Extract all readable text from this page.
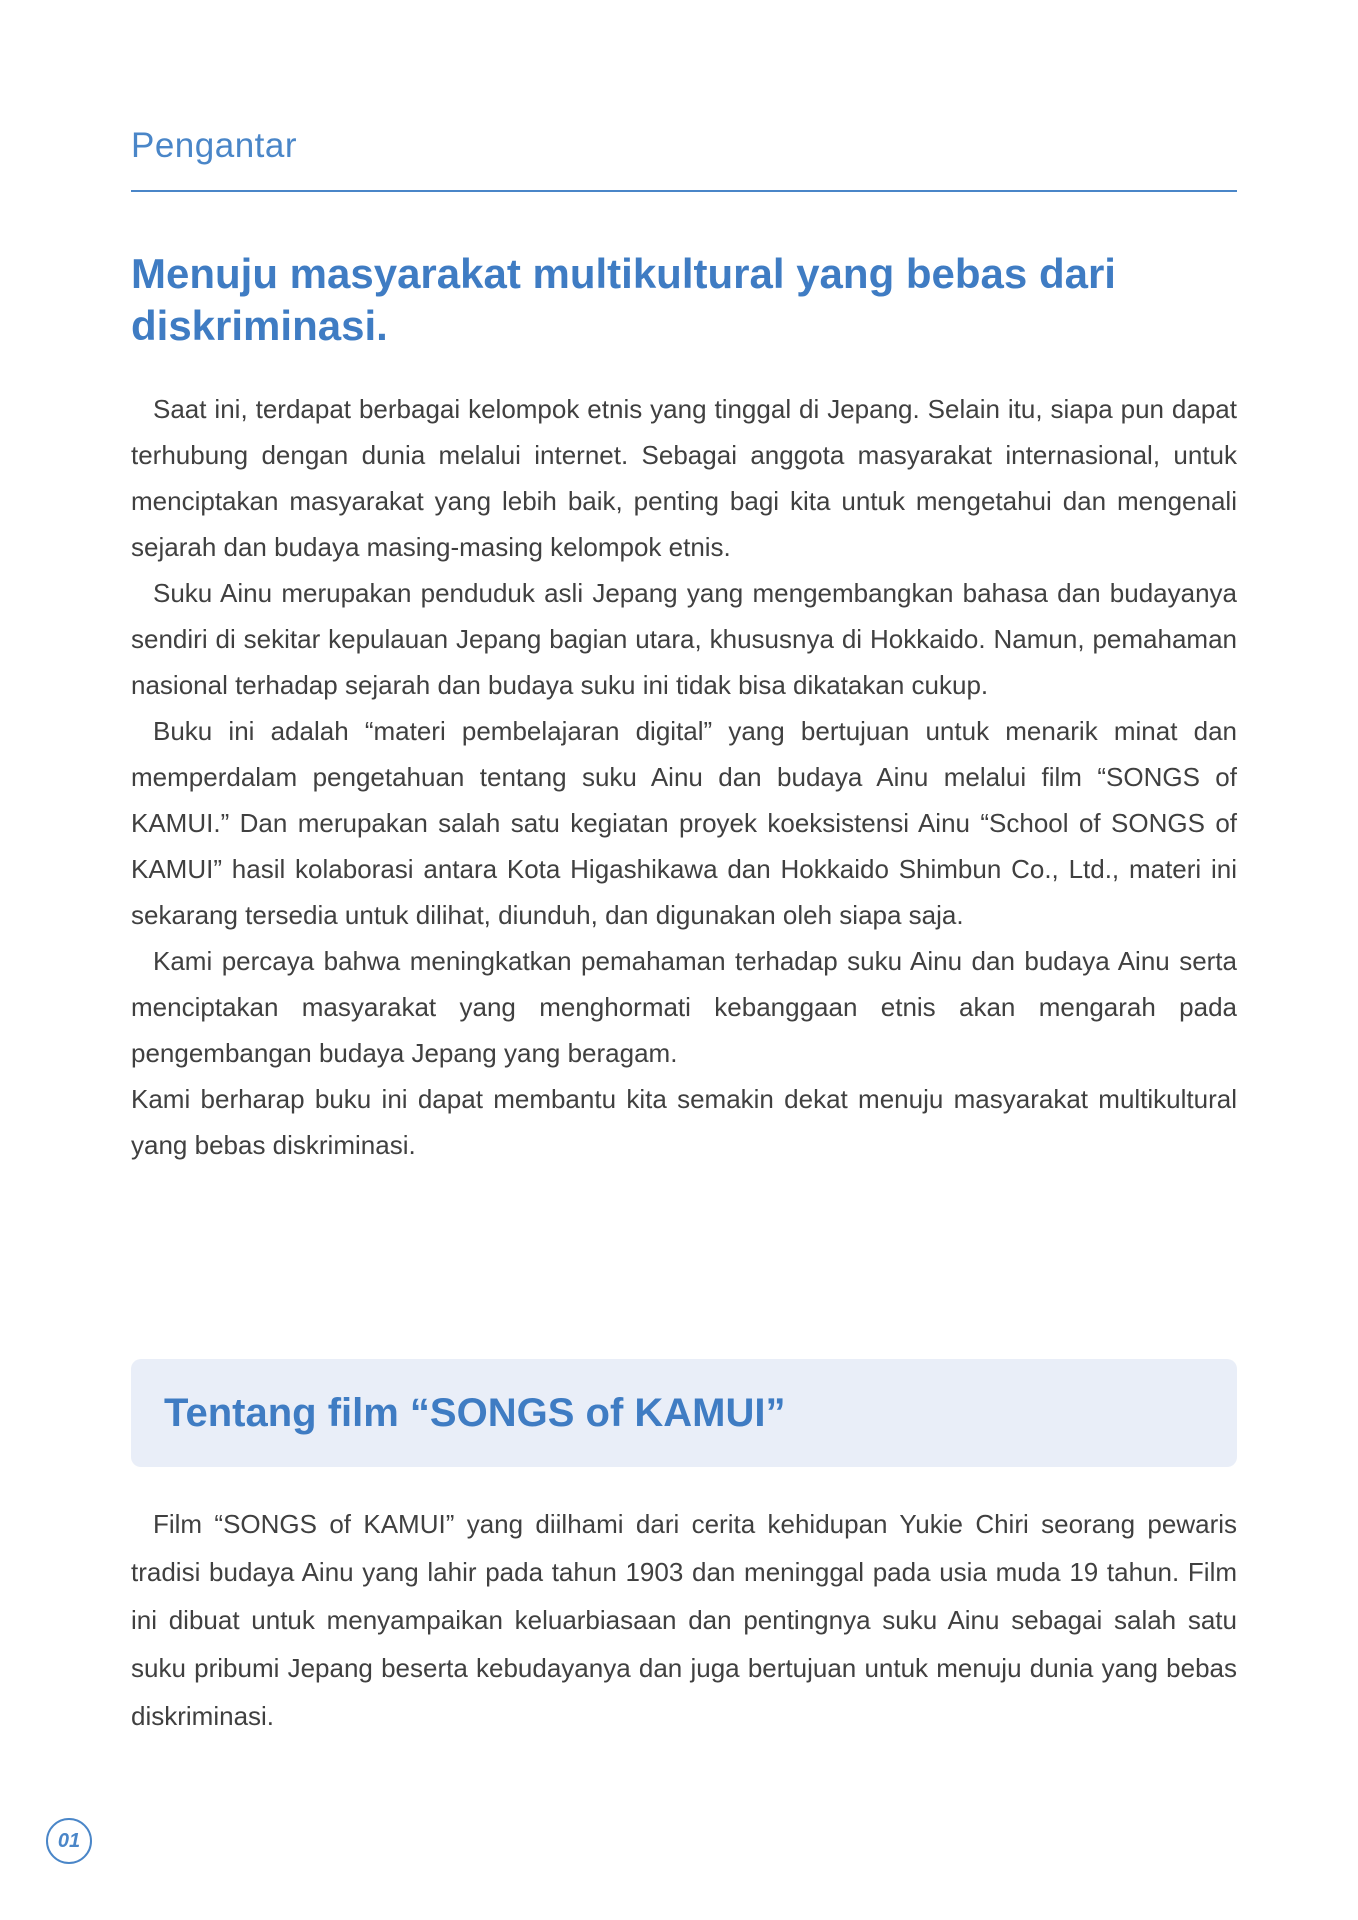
Pengantar
Menuju masyarakat multikultural yang bebas dari diskriminasi.

Saat ini, terdapat berbagai kelompok etnis yang tinggal di Jepang. Selain itu, siapa pun dapat terhubung dengan dunia melalui internet. Sebagai anggota masyarakat internasional, untuk menciptakan masyarakat yang lebih baik, penting bagi kita untuk mengetahui dan mengenali sejarah dan budaya masing-masing kelompok etnis.

Suku Ainu merupakan penduduk asli Jepang yang mengembangkan bahasa dan budayanya sendiri di sekitar kepulauan Jepang bagian utara, khususnya di Hokkaido. Namun, pemahaman nasional terhadap sejarah dan budaya suku ini tidak bisa dikatakan cukup.

Buku ini adalah “materi pembelajaran digital” yang bertujuan untuk menarik minat dan memperdalam pengetahuan tentang suku Ainu dan budaya Ainu melalui film “SONGS of KAMUI.” Dan merupakan salah satu kegiatan proyek koeksistensi Ainu “School of SONGS of KAMUI” hasil kolaborasi antara Kota Higashikawa dan Hokkaido Shimbun Co., Ltd., materi ini sekarang tersedia untuk dilihat, diunduh, dan digunakan oleh siapa saja.

Kami percaya bahwa meningkatkan pemahaman terhadap suku Ainu dan budaya Ainu serta menciptakan masyarakat yang menghormati kebanggaan etnis akan mengarah pada pengembangan budaya Jepang yang beragam.

Kami berharap buku ini dapat membantu kita semakin dekat menuju masyarakat multikultural yang bebas diskriminasi.

Tentang film “SONGS of KAMUI”

Film “SONGS of KAMUI” yang diilhami dari cerita kehidupan Yukie Chiri seorang pewaris tradisi budaya Ainu yang lahir pada tahun 1903 dan meninggal pada usia muda 19 tahun. Film ini dibuat untuk menyampaikan keluarbiasaan dan pentingnya suku Ainu sebagai salah satu suku pribumi Jepang beserta kebudayanya dan juga bertujuan untuk menuju dunia yang bebas diskriminasi.

01
